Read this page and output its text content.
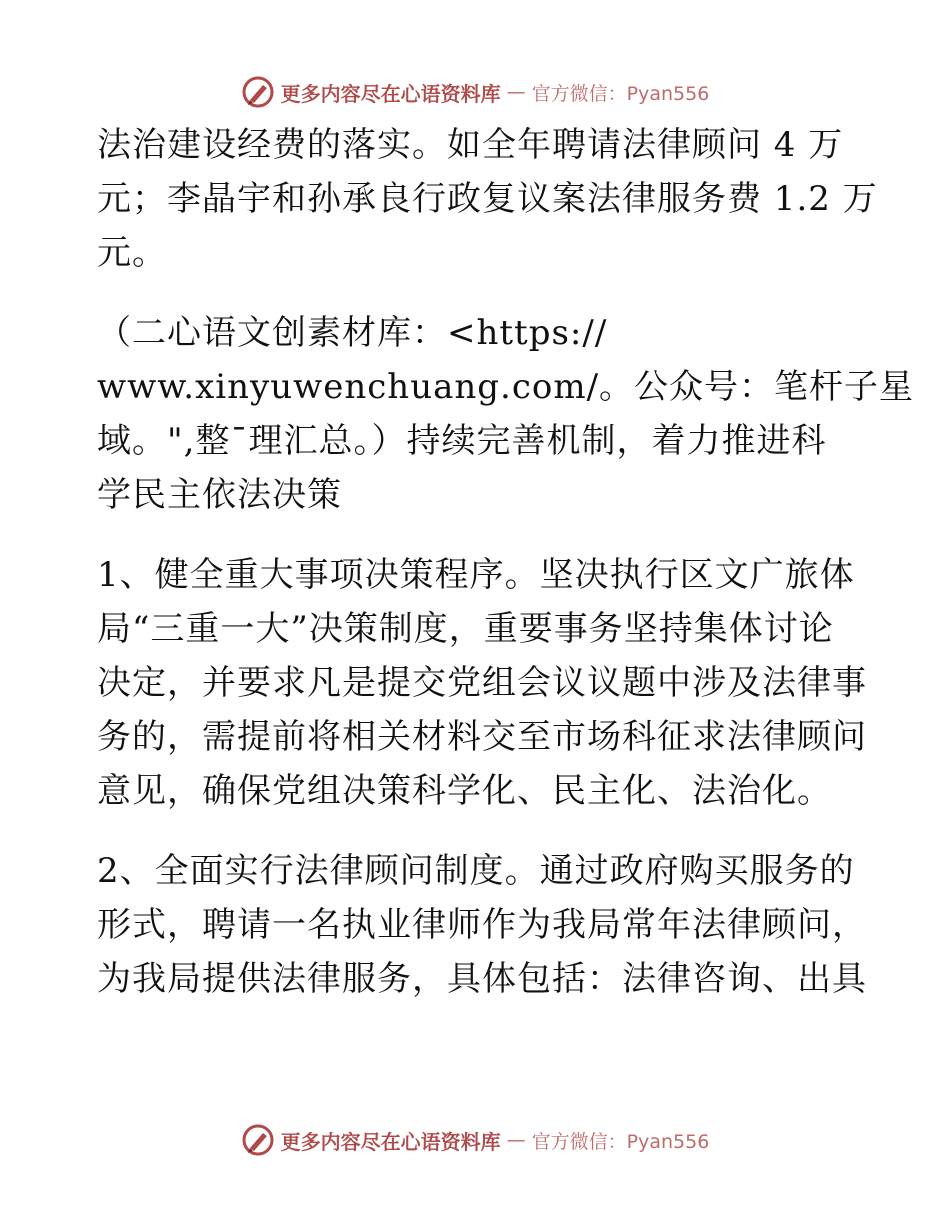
更多内容尽在心语资料库 — 官方微信：Pyan556

法治建设经费的落实。如全年聘请法律顾问 4 万
元；李晶宇和孙承良行政复议案法律服务费 1.2 万
元。

（二心语文创素材库：<https://
www.xinyuwenchuang.com/。公众号：笔杆子星
域。",整¯理汇总。）持续完善机制，着力推进科
学民主依法决策

1、健全重大事项决策程序。坚决执行区文广旅体
局“三重一大”决策制度，重要事务坚持集体讨论
决定，并要求凡是提交党组会议议题中涉及法律事
务的，需提前将相关材料交至市场科征求法律顾问
意见，确保党组决策科学化、民主化、法治化。

2、全面实行法律顾问制度。通过政府购买服务的
形式，聘请一名执业律师作为我局常年法律顾问，
为我局提供法律服务，具体包括：法律咨询、出具

更多内容尽在心语资料库 — 官方微信：Pyan556
